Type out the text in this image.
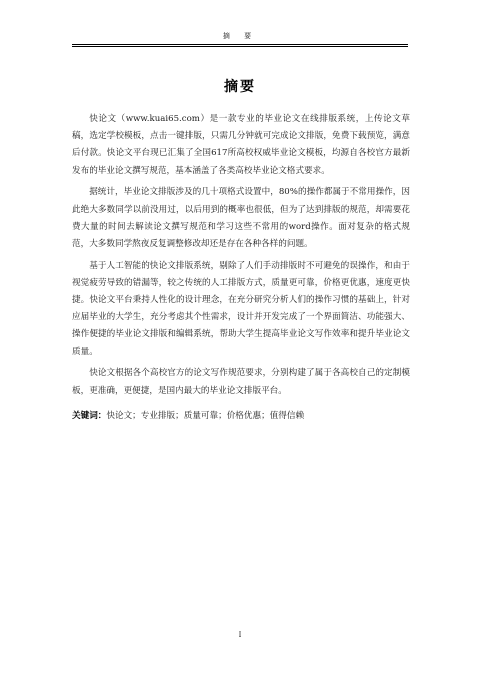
摘 要
摘要

快论文（www.kuai65.com）是一款专业的毕业论文在线排版系统，上传论文草稿，选定学校模板，点击一键排版，只需几分钟就可完成论文排版，免费下载预览，满意后付款。快论文平台现已汇集了全国617所高校权威毕业论文模板，均源自各校官方最新发布的毕业论文撰写规范，基本涵盖了各类高校毕业论文格式要求。

据统计，毕业论文排版涉及的几十项格式设置中，80%的操作都属于不常用操作，因此绝大多数同学以前没用过，以后用到的概率也很低，但为了达到排版的规范，却需要花费大量的时间去解读论文撰写规范和学习这些不常用的word操作。面对复杂的格式规范，大多数同学熬夜反复调整修改却还是存在各种各样的问题。

基于人工智能的快论文排版系统，剔除了人们手动排版时不可避免的误操作，和由于视觉疲劳导致的错漏等，较之传统的人工排版方式，质量更可靠，价格更优惠，速度更快捷。快论文平台秉持人性化的设计理念，在充分研究分析人们的操作习惯的基础上，针对应届毕业的大学生，充分考虑其个性需求，设计并开发完成了一个界面简洁、功能强大、操作便捷的毕业论文排版和编辑系统，帮助大学生提高毕业论文写作效率和提升毕业论文质量。

快论文根据各个高校官方的论文写作规范要求，分别构建了属于各高校自己的定制模板，更准确，更便捷，是国内最大的毕业论文排版平台。

关键词：快论文；专业排版；质量可靠；价格优惠；值得信赖
I
